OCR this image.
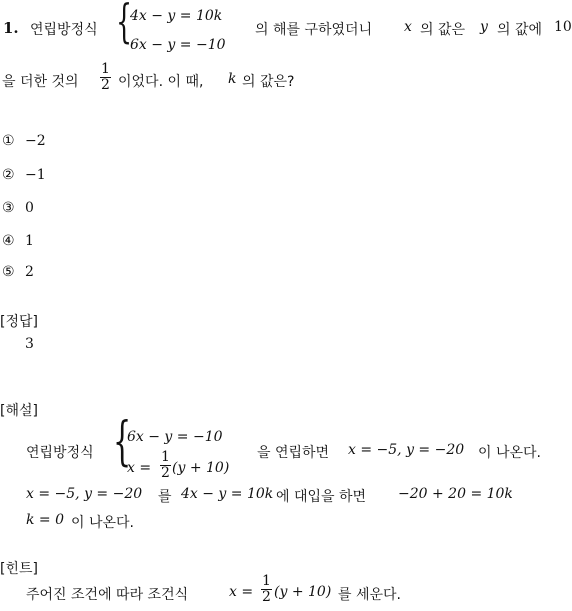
1. 연립방정식 {
4x − y = 10k
6x − y = −10
의 해를 구하였더니 x 의 값은 y 의 값에 10
을 더한 것의 $\frac{1}{2}$ 이었다. 이 때, k 의 값은?
① −2
② −1
③ 0
④ 1
⑤ 2
[정답]
3
[해설]
연립방정식 {
6x − y = −10
$x = \frac{1}{2} (y + 10)$
을 연립하면 x = −5, y = −20 이 나온다.
x = −5, y = −20 를 4x − y = 10k 에 대입을 하면 −20 + 20 = 10k
k = 0 이 나온다.
[힌트]
주어진 조건에 따라 조건식	$x = \frac{1}{2} (y + 10)$ 를 세운다.
